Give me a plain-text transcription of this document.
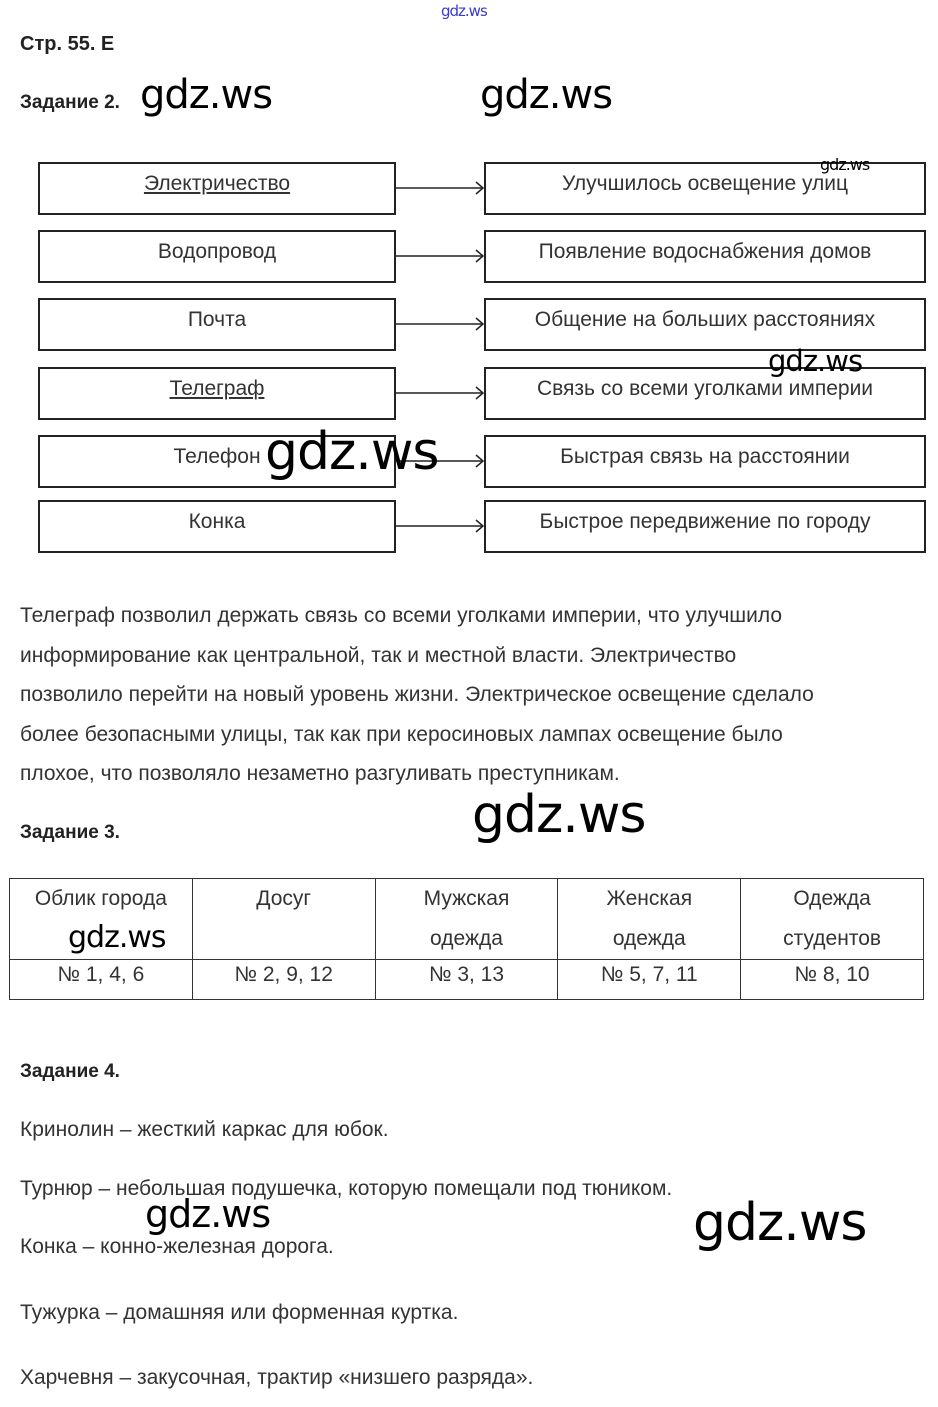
gdz.ws
Стр. 55. Е
Задание 2. gdz.ws	gdz.ws
Электричество	Улучшилось освещение улиц
Водопровод	Появление водоснабжения домов
Почта	Общение на больших расстояниях
Телеграф	Связь со всеми уголками империи
Телефон	Быстрая связь на расстоянии
Конка	Быстрое передвижение по городу
gdz.ws
gdz.ws
gdz.ws
Телеграф позволил держать связь со всеми уголками империи, что улучшило
информирование как центральной, так и местной власти. Электричество
позволило перейти на новый уровень жизни. Электрическое освещение сделало
более безопасными улицы, так как при керосиновых лампах освещение было
плохое, что позволяло незаметно разгуливать преступникам.
Задание 3.	gdz.ws
Облик города	Досуг	Мужская одежда	Женская одежда	Одежда студентов
№ 1, 4, 6	№ 2, 9, 12	№ 3, 13	№ 5, 7, 11	№ 8, 10
gdz.ws
Задание 4.
Кринолин – жесткий каркас для юбок.
Турнюр – небольшая подушечка, которую помещали под тюником.
Конка – конно-железная дорога.
Тужурка – домашняя или форменная куртка.
Харчевня – закусочная, трактир «низшего разряда».
gdz.ws	gdz.ws
